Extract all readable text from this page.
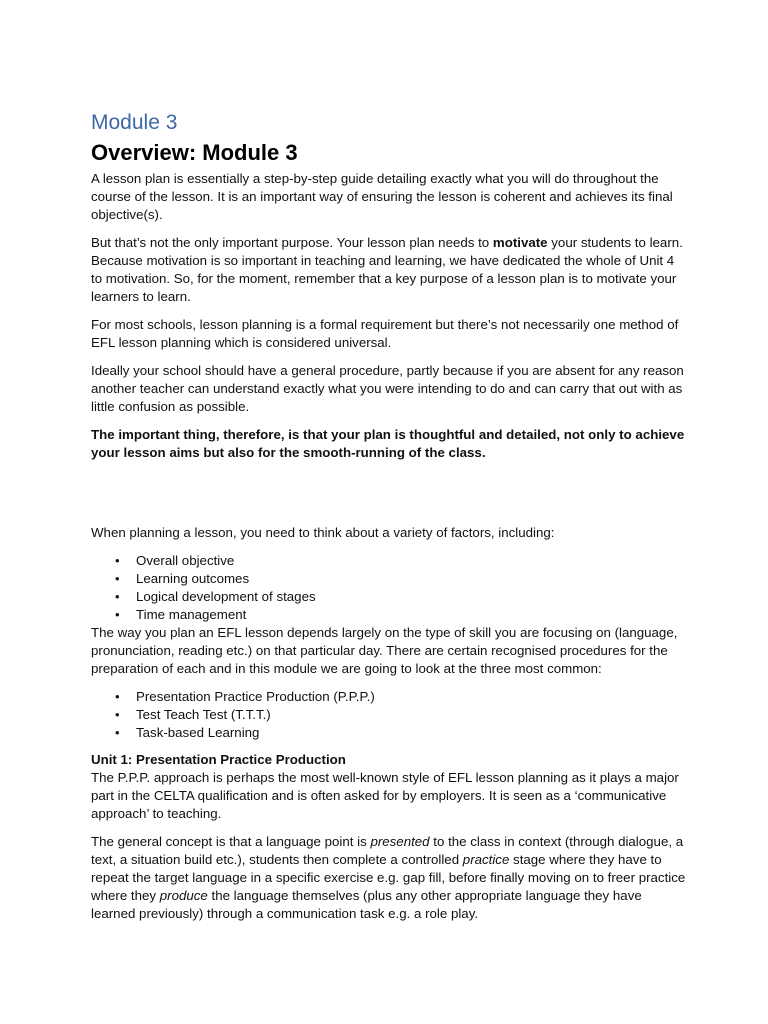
Module 3
Overview: Module 3

A lesson plan is essentially a step-by-step guide detailing exactly what you will do throughout the course of the lesson. It is an important way of ensuring the lesson is coherent and achieves its final objective(s).

But that’s not the only important purpose. Your lesson plan needs to motivate your students to learn. Because motivation is so important in teaching and learning, we have dedicated the whole of Unit 4 to motivation. So, for the moment, remember that a key purpose of a lesson plan is to motivate your learners to learn.

For most schools, lesson planning is a formal requirement but there’s not necessarily one method of EFL lesson planning which is considered universal.

Ideally your school should have a general procedure, partly because if you are absent for any reason another teacher can understand exactly what you were intending to do and can carry that out with as little confusion as possible.

The important thing, therefore, is that your plan is thoughtful and detailed, not only to achieve your lesson aims but also for the smooth-running of the class.

When planning a lesson, you need to think about a variety of factors, including:

• Overall objective
• Learning outcomes
• Logical development of stages
• Time management

The way you plan an EFL lesson depends largely on the type of skill you are focusing on (language, pronunciation, reading etc.) on that particular day. There are certain recognised procedures for the preparation of each and in this module we are going to look at the three most common:

• Presentation Practice Production (P.P.P.)
• Test Teach Test (T.T.T.)
• Task-based Learning
Unit 1: Presentation Practice Production

The P.P.P. approach is perhaps the most well-known style of EFL lesson planning as it plays a major part in the CELTA qualification and is often asked for by employers. It is seen as a ‘communicative approach’ to teaching.

The general concept is that a language point is presented to the class in context (through dialogue, a text, a situation build etc.), students then complete a controlled practice stage where they have to repeat the target language in a specific exercise e.g. gap fill, before finally moving on to freer practice where they produce the language themselves (plus any other appropriate language they have learned previously) through a communication task e.g. a role play.
